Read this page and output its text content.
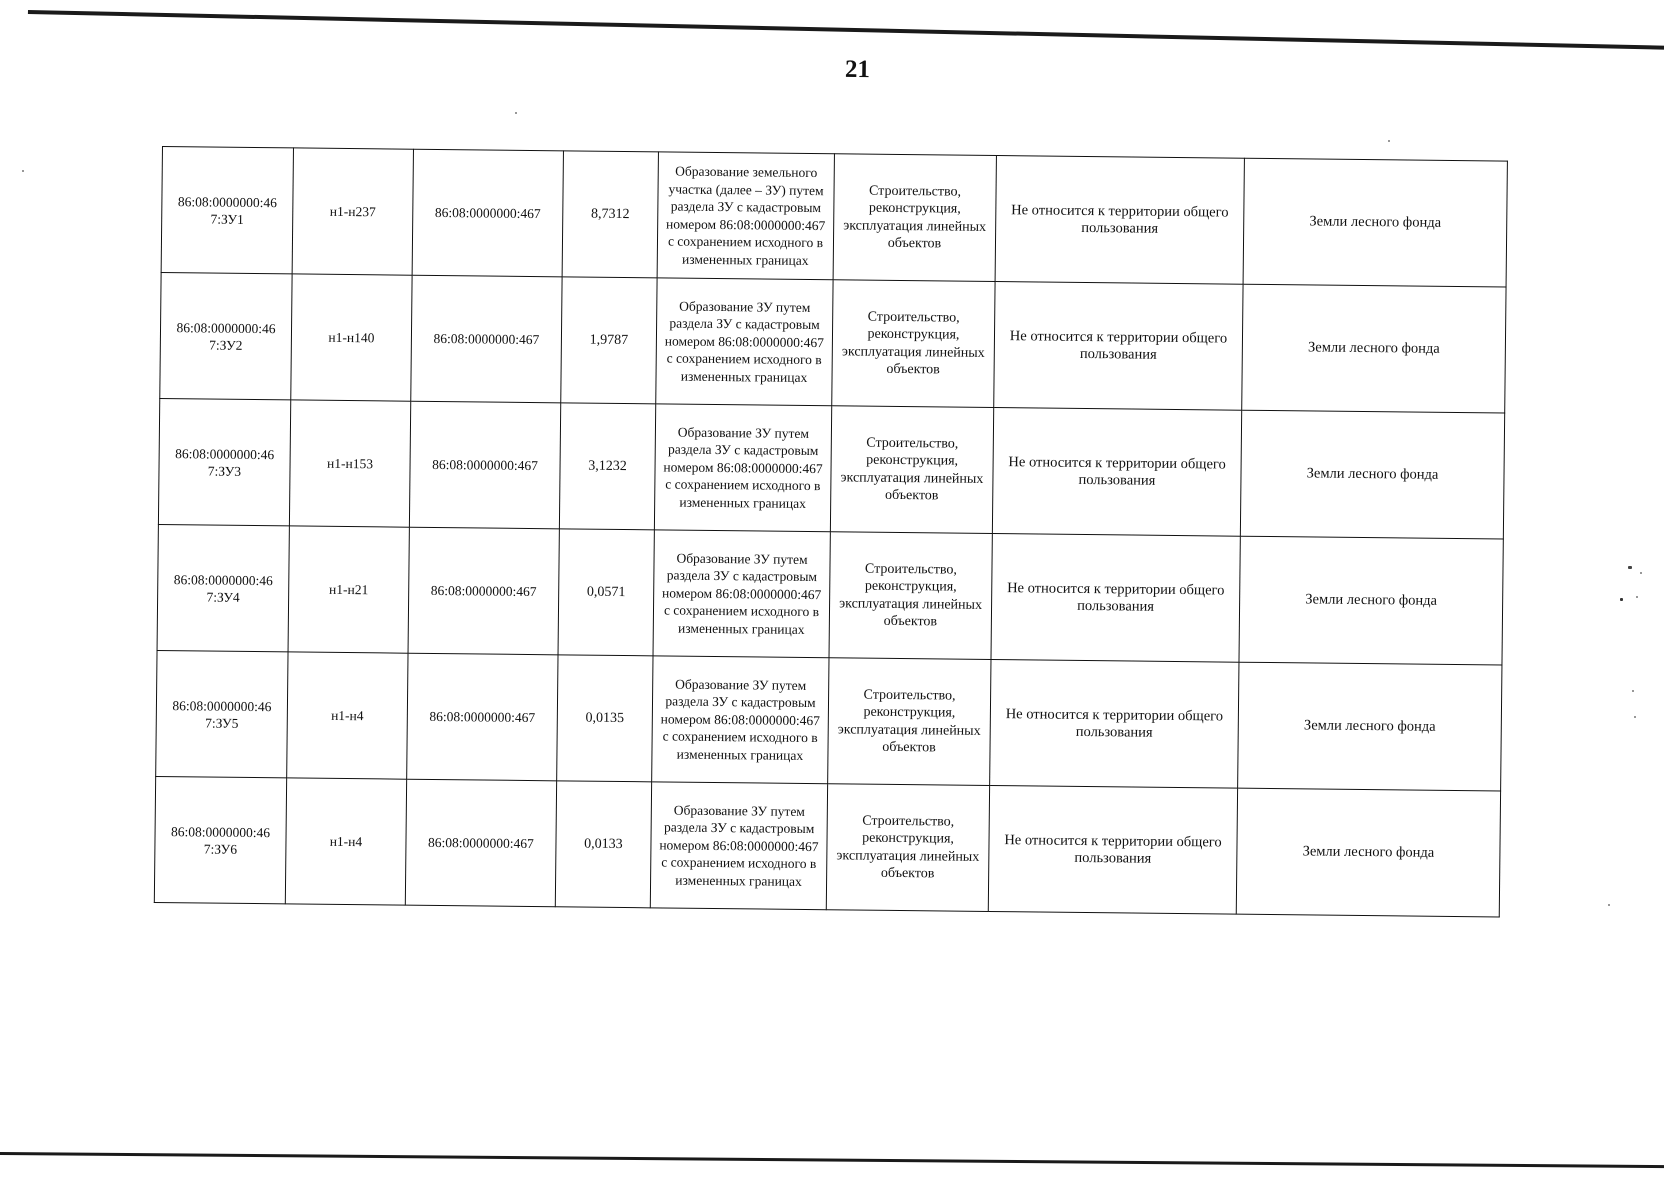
21
86:08:0000000:46 7:ЗУ1	н1-н237	86:08:0000000:467	8,7312	Образование земельного участка (далее – ЗУ) путем раздела ЗУ с кадастровым номером 86:08:0000000:467 с сохранением исходного в измененных границах	Строительство, реконструкция, эксплуатация линейных объектов	Не относится к территории общего пользования	Земли лесного фонда
86:08:0000000:46 7:ЗУ2	н1-н140	86:08:0000000:467	1,9787	Образование ЗУ путем раздела ЗУ с кадастровым номером 86:08:0000000:467 с сохранением исходного в измененных границах	Строительство, реконструкция, эксплуатация линейных объектов	Не относится к территории общего пользования	Земли лесного фонда
86:08:0000000:46 7:ЗУ3	н1-н153	86:08:0000000:467	3,1232	Образование ЗУ путем раздела ЗУ с кадастровым номером 86:08:0000000:467 с сохранением исходного в измененных границах	Строительство, реконструкция, эксплуатация линейных объектов	Не относится к территории общего пользования	Земли лесного фонда
86:08:0000000:46 7:ЗУ4	н1-н21	86:08:0000000:467	0,0571	Образование ЗУ путем раздела ЗУ с кадастровым номером 86:08:0000000:467 с сохранением исходного в измененных границах	Строительство, реконструкция, эксплуатация линейных объектов	Не относится к территории общего пользования	Земли лесного фонда
86:08:0000000:46 7:ЗУ5	н1-н4	86:08:0000000:467	0,0135	Образование ЗУ путем раздела ЗУ с кадастровым номером 86:08:0000000:467 с сохранением исходного в измененных границах	Строительство, реконструкция, эксплуатация линейных объектов	Не относится к территории общего пользования	Земли лесного фонда
86:08:0000000:46 7:ЗУ6	н1-н4	86:08:0000000:467	0,0133	Образование ЗУ путем раздела ЗУ с кадастровым номером 86:08:0000000:467 с сохранением исходного в измененных границах	Строительство, реконструкция, эксплуатация линейных объектов	Не относится к территории общего пользования	Земли лесного фонда
